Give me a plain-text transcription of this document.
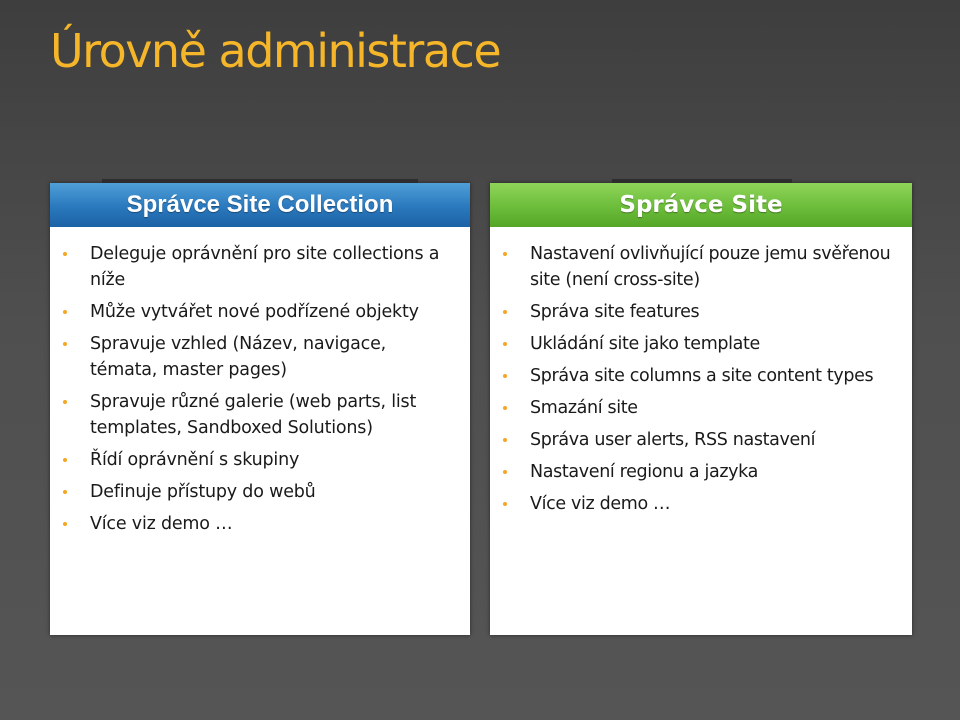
Úrovně administrace
Správce Site Collection
Deleguje oprávnění pro site collections a níže
Může vytvářet nové podřízené objekty
Spravuje vzhled (Název, navigace, témata, master pages)
Spravuje různé galerie (web parts, list templates, Sandboxed Solutions)
Řídí oprávnění s skupiny
Definuje přístupy do webů
Více viz demo …
Správce Site
Nastavení ovlivňující pouze jemu svěřenou site (není cross-site)
Správa site features
Ukládání site jako template
Správa site columns a site content types
Smazání site
Správa user alerts, RSS nastavení
Nastavení regionu a jazyka
Více viz demo …
